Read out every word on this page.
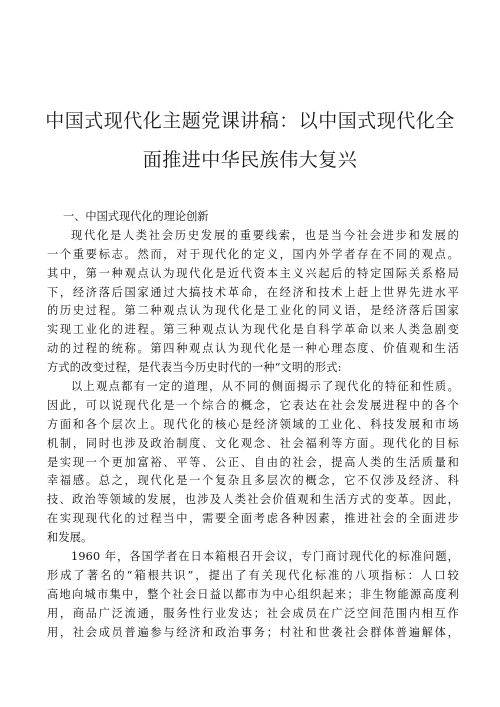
中国式现代化主题党课讲稿：以中国式现代化全
面推进中华民族伟大复兴
一、中国式现代化的理论创新
现代化是人类社会历史发展的重要线索，也是当今社会进步和发展的
一个重要标志。然而，对于现代化的定义，国内外学者存在不同的观点。
其中，第一种观点认为现代化是近代资本主义兴起后的特定国际关系格局
下，经济落后国家通过大搞技术革命，在经济和技术上赶上世界先进水平
的历史过程。第二种观点认为现代化是工业化的同义语，是经济落后国家
实现工业化的进程。第三种观点认为现代化是自科学革命以来人类急剧变
动的过程的统称。第四种观点认为现代化是一种心理态度、价值观和生活
方式的改变过程，是代表当今历史时代的一种“文明的形式:
以上观点都有一定的道理，从不同的侧面揭示了现代化的特征和性质。
因此，可以说现代化是一个综合的概念，它表达在社会发展进程中的各个
方面和各个层次上。现代化的核心是经济领域的工业化、科技发展和市场
机制，同时也涉及政治制度、文化观念、社会福利等方面。现代化的目标
是实现一个更加富裕、平等、公正、自由的社会，提高人类的生活质量和
幸福感。总之，现代化是一个复杂且多层次的概念，它不仅涉及经济、科
技、政治等领域的发展，也涉及人类社会价值观和生活方式的变革。因此，
在实现现代化的过程当中，需要全面考虑各种因素，推进社会的全面进步
和发展。
1960 年，各国学者在日本箱根召开会议，专门商讨现代化的标准问题，
形成了著名的“箱根共识”，提出了有关现代化标准的八项指标：人口较
高地向城市集中，整个社会日益以都市为中心组织起来；非生物能源高度利
用，商品广泛流通，服务性行业发达；社会成员在广泛空间范围内相互作
用，社会成员普遍参与经济和政治事务；村社和世袭社会群体普遍解体，
